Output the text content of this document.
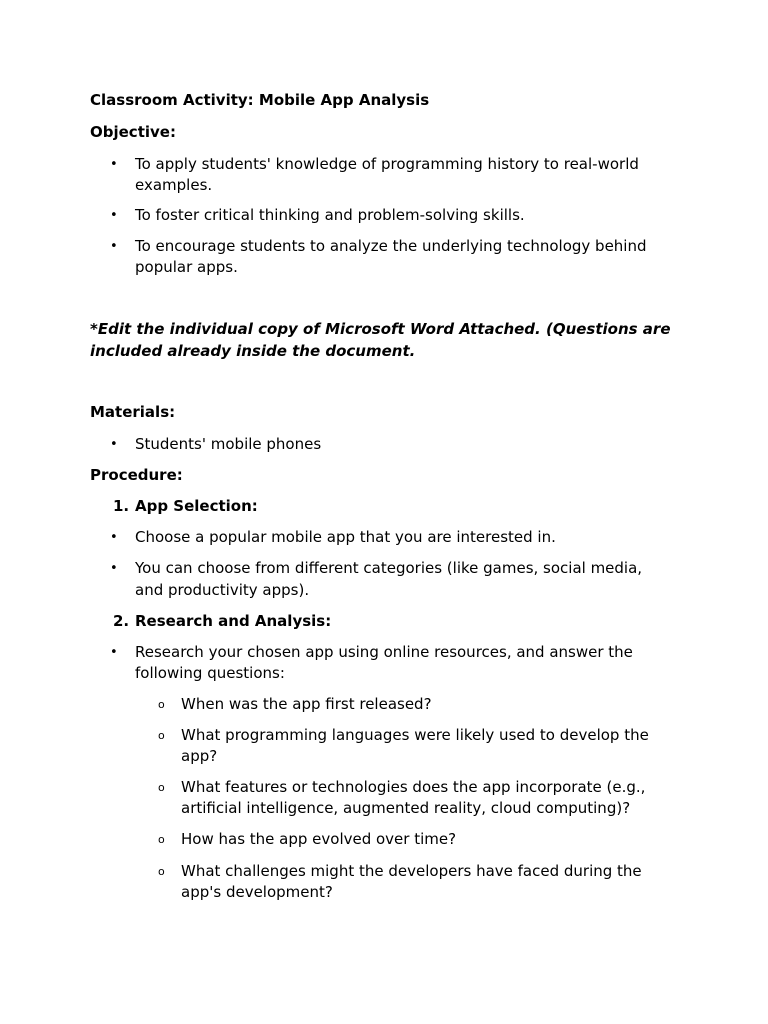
Classroom Activity: Mobile App Analysis

Objective:

• To apply students' knowledge of programming history to real-world

examples.

• To foster critical thinking and problem-solving skills.

• To encourage students to analyze the underlying technology behind

popular apps.

*Edit the individual copy of Microsoft Word Attached. (Questions are

included already inside the document.

Materials:

• Students' mobile phones

Procedure:

1. App Selection:

• Choose a popular mobile app that you are interested in.

• You can choose from different categories (like games, social media,

and productivity apps).

2. Research and Analysis:

• Research your chosen app using online resources, and answer the

following questions:

o When was the app first released?

o What programming languages were likely used to develop the

app?

o What features or technologies does the app incorporate (e.g.,

artificial intelligence, augmented reality, cloud computing)?

o How has the app evolved over time?

o What challenges might the developers have faced during the

app's development?
